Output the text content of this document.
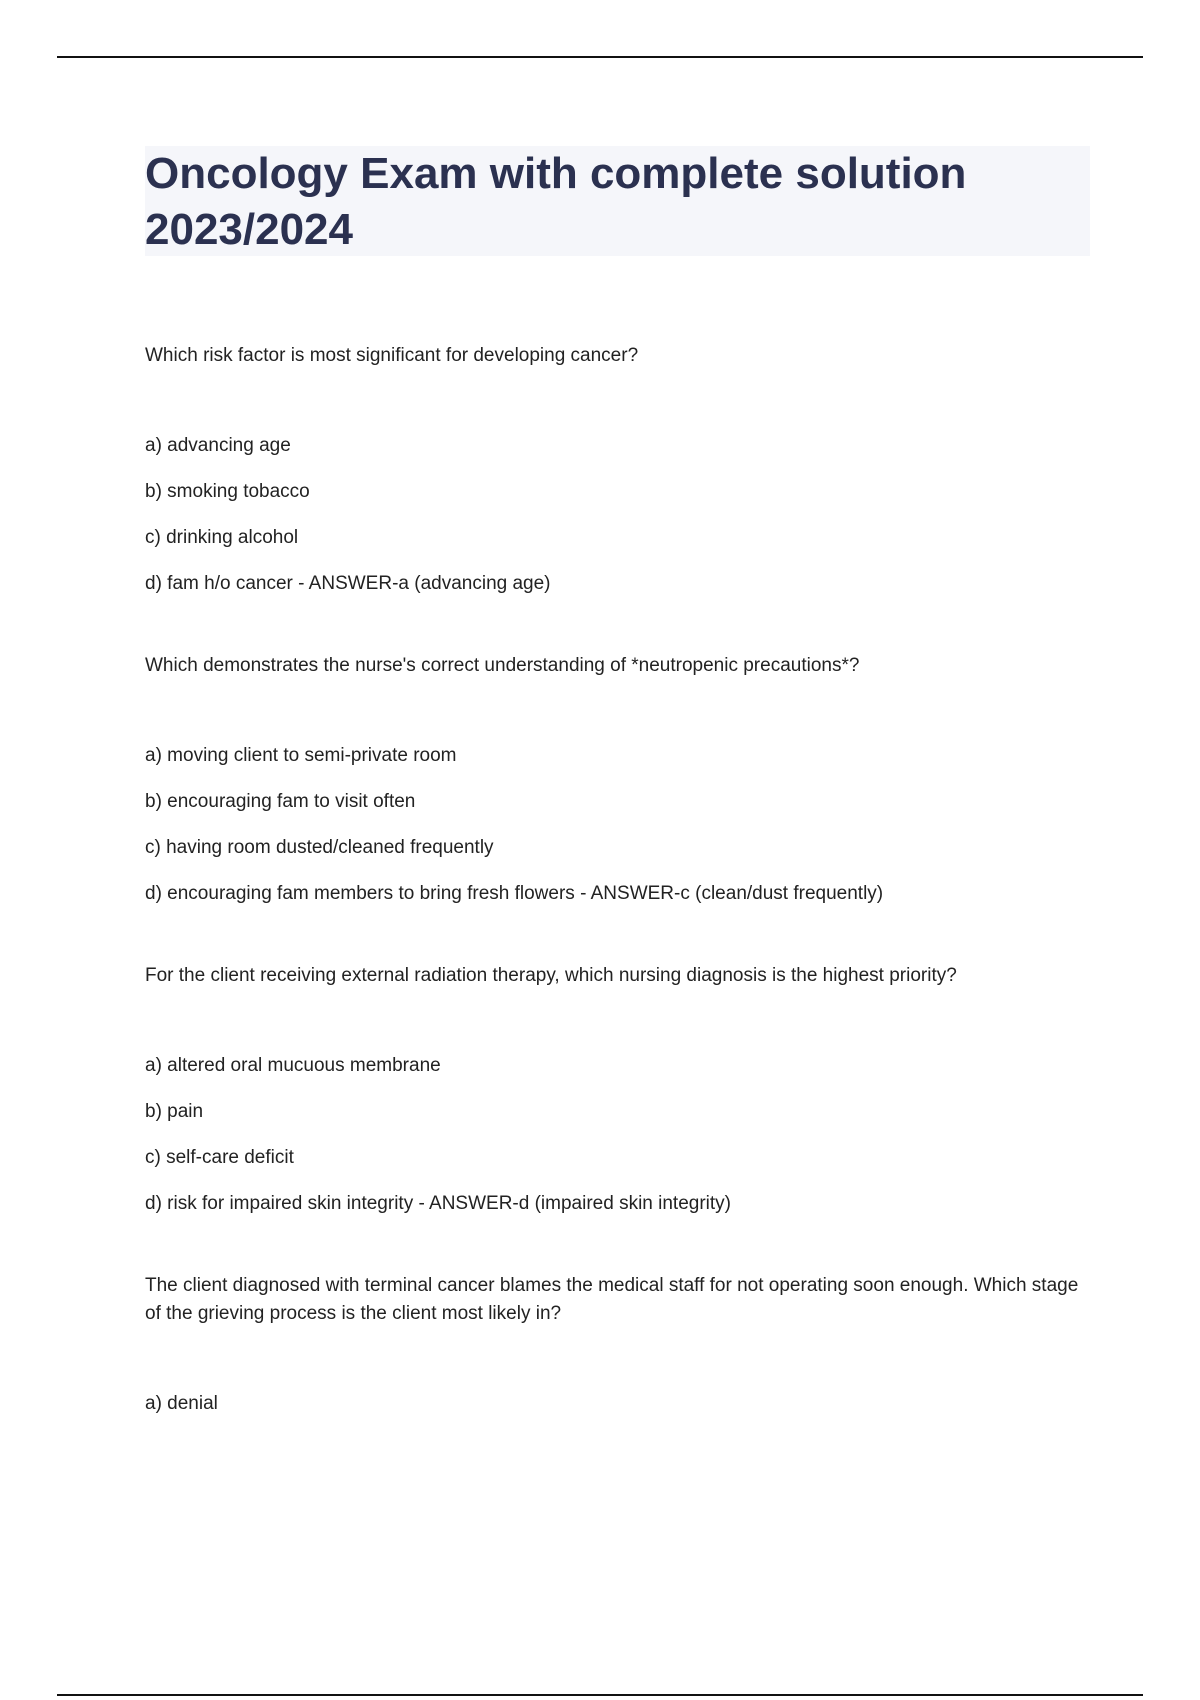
Oncology Exam with complete solution 2023/2024

Which risk factor is most significant for developing cancer?

a) advancing age
b) smoking tobacco
c) drinking alcohol
d) fam h/o cancer - ANSWER-a (advancing age)

Which demonstrates the nurse's correct understanding of *neutropenic precautions*?

a) moving client to semi-private room
b) encouraging fam to visit often
c) having room dusted/cleaned frequently
d) encouraging fam members to bring fresh flowers - ANSWER-c (clean/dust frequently)

For the client receiving external radiation therapy, which nursing diagnosis is the highest priority?

a) altered oral mucuous membrane
b) pain
c) self-care deficit
d) risk for impaired skin integrity - ANSWER-d (impaired skin integrity)

The client diagnosed with terminal cancer blames the medical staff for not operating soon enough. Which stage of the grieving process is the client most likely in?

a) denial
